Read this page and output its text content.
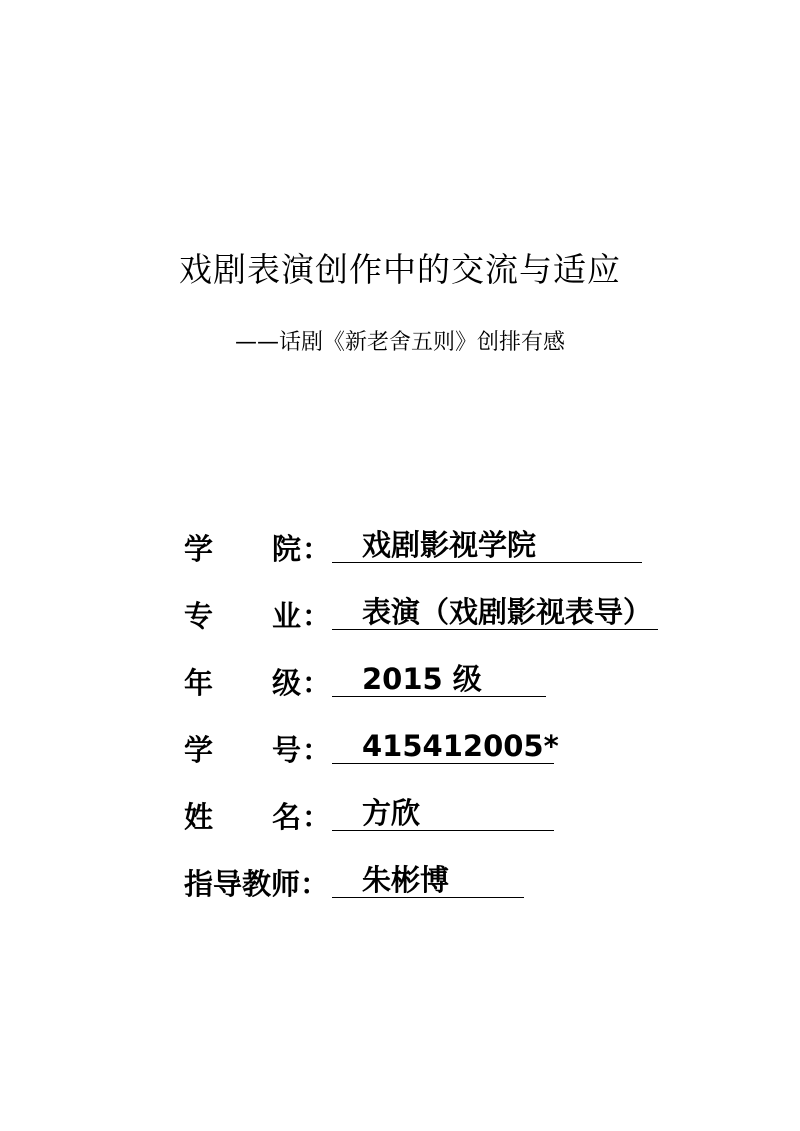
戏剧表演创作中的交流与适应
——话剧《新老舍五则》创排有感
学 院 ：	戏剧影视学院
专 业 ：	表演（戏剧影视表导）
年 级 ：	2015 级
学 号 ：	415412005*
姓 名 ：	方欣
指导教师：	朱彬博
